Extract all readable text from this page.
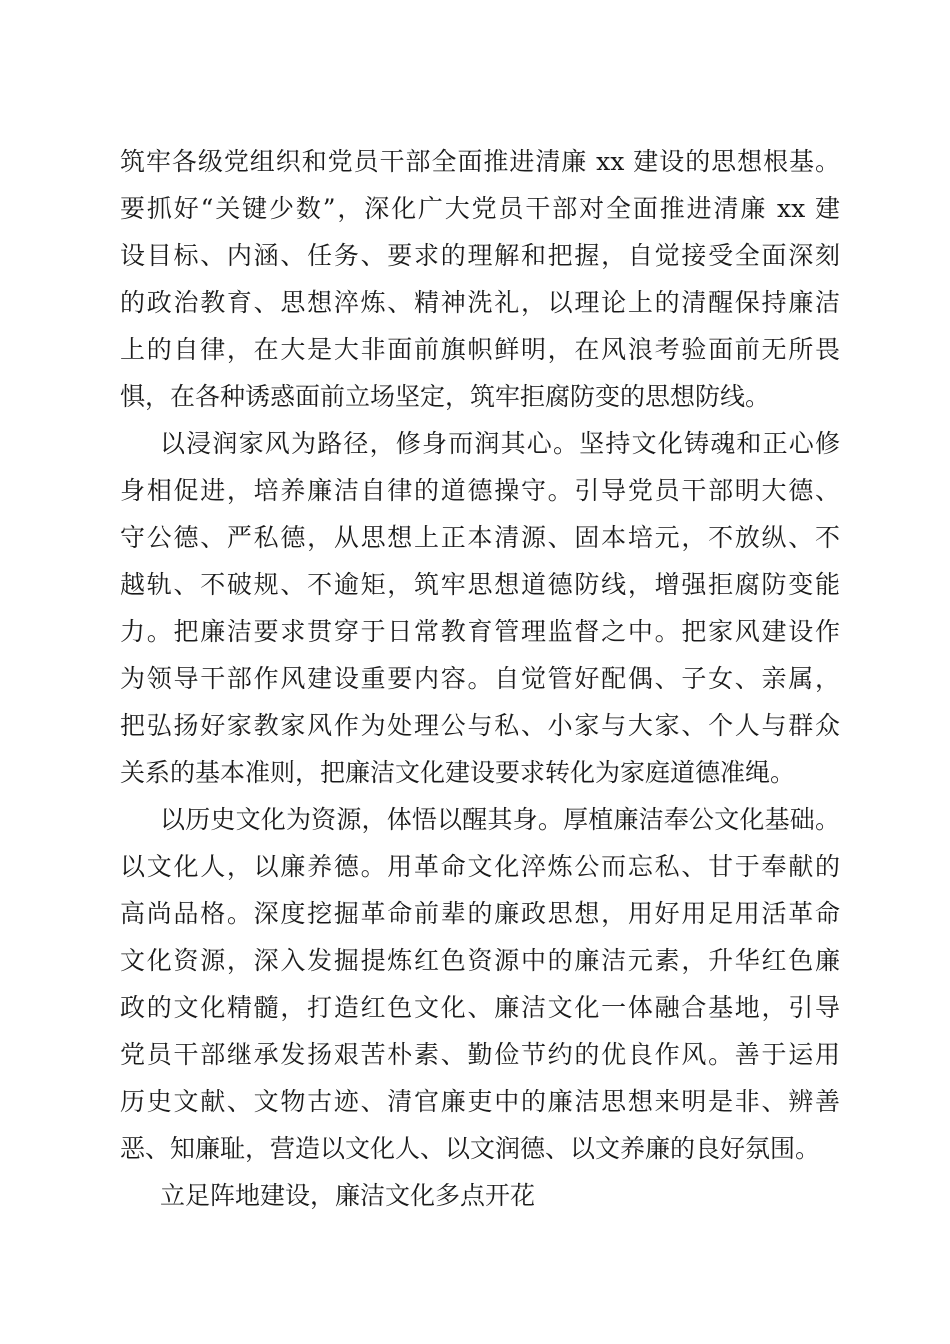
筑牢各级党组织和党员干部全面推进清廉 xx 建设的思想根基。
要抓好“关键少数”，深化广大党员干部对全面推进清廉 xx 建
设目标、内涵、任务、要求的理解和把握，自觉接受全面深刻
的政治教育、思想淬炼、精神洗礼，以理论上的清醒保持廉洁
上的自律，在大是大非面前旗帜鲜明，在风浪考验面前无所畏
惧，在各种诱惑面前立场坚定，筑牢拒腐防变的思想防线。
以浸润家风为路径，修身而润其心。坚持文化铸魂和正心修
身相促进，培养廉洁自律的道德操守。引导党员干部明大德、
守公德、严私德，从思想上正本清源、固本培元，不放纵、不
越轨、不破规、不逾矩，筑牢思想道德防线，增强拒腐防变能
力。把廉洁要求贯穿于日常教育管理监督之中。把家风建设作
为领导干部作风建设重要内容。自觉管好配偶、子女、亲属，
把弘扬好家教家风作为处理公与私、小家与大家、个人与群众
关系的基本准则，把廉洁文化建设要求转化为家庭道德准绳。
以历史文化为资源，体悟以醒其身。厚植廉洁奉公文化基础。
以文化人，以廉养德。用革命文化淬炼公而忘私、甘于奉献的
高尚品格。深度挖掘革命前辈的廉政思想，用好用足用活革命
文化资源，深入发掘提炼红色资源中的廉洁元素，升华红色廉
政的文化精髓，打造红色文化、廉洁文化一体融合基地，引导
党员干部继承发扬艰苦朴素、勤俭节约的优良作风。善于运用
历史文献、文物古迹、清官廉吏中的廉洁思想来明是非、辨善
恶、知廉耻，营造以文化人、以文润德、以文养廉的良好氛围。
立足阵地建设，廉洁文化多点开花
